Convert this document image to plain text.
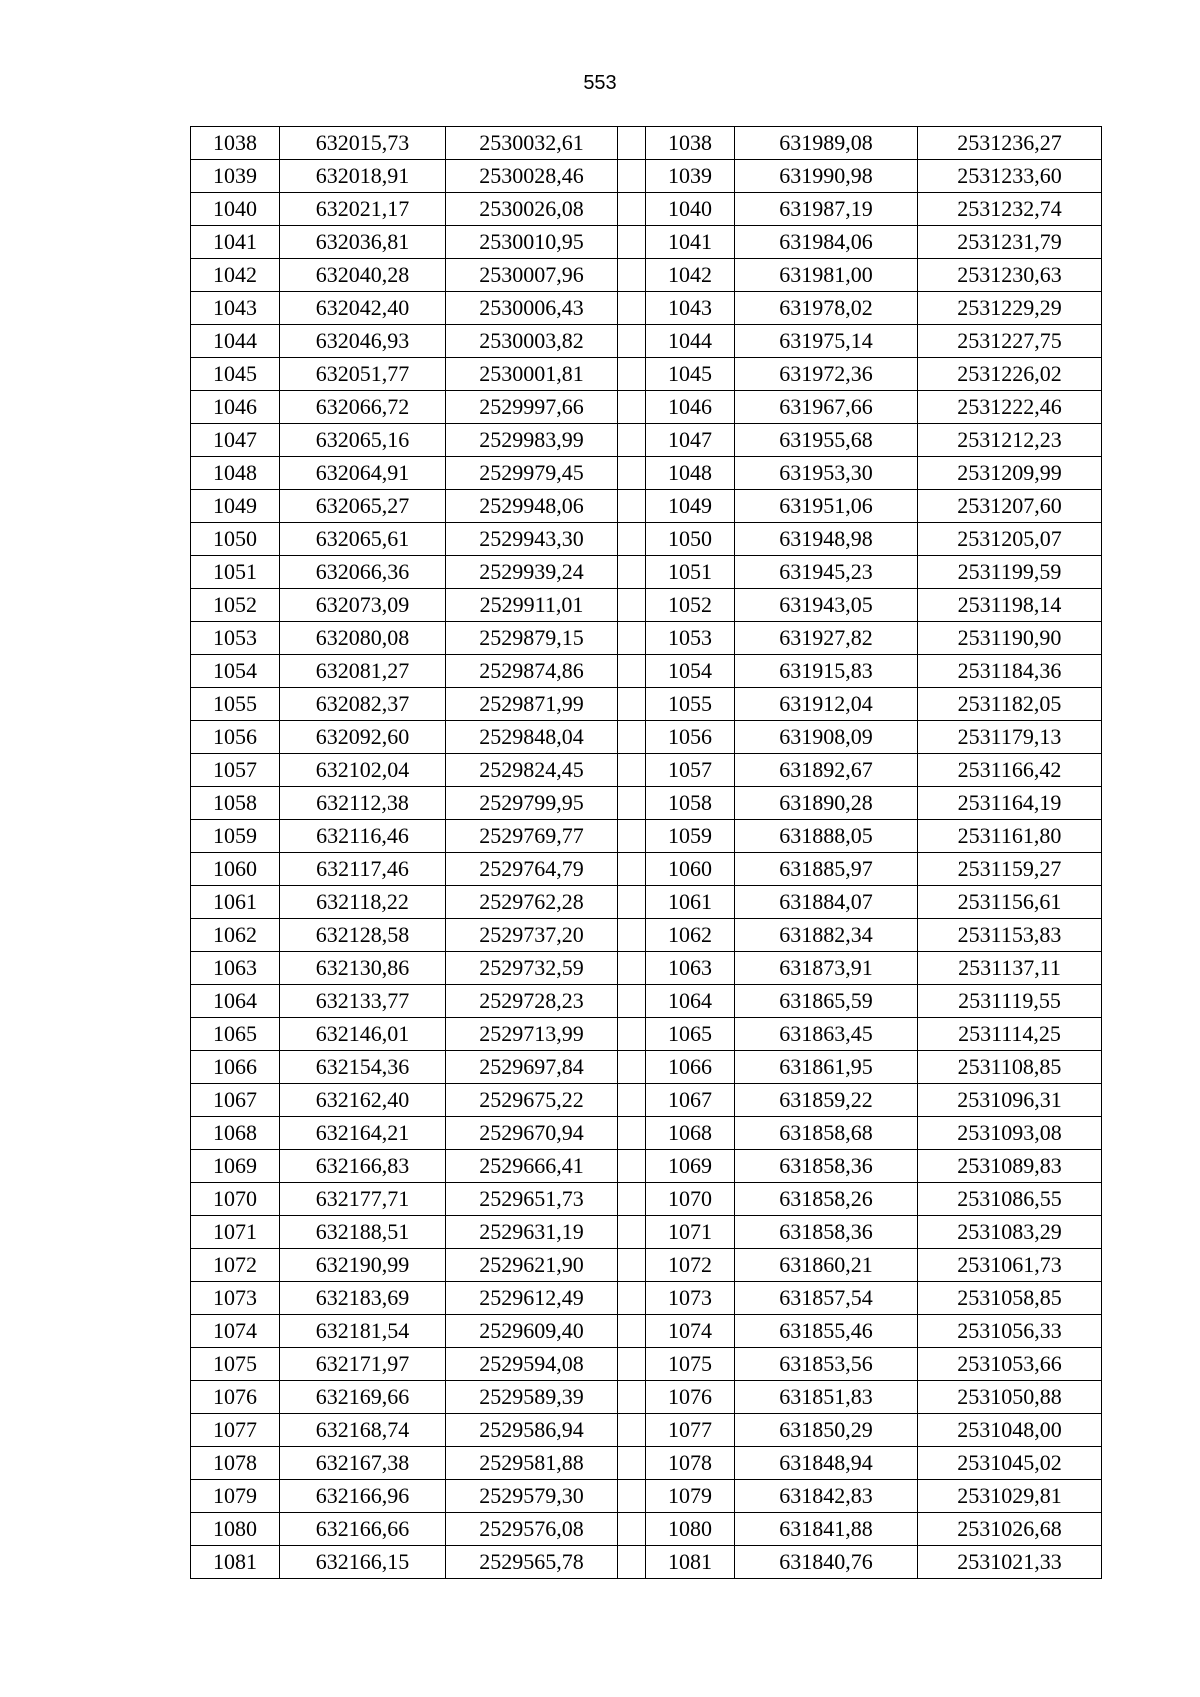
553
1038	632015,73	2530032,61		1038	631989,08	2531236,27
1039	632018,91	2530028,46		1039	631990,98	2531233,60
1040	632021,17	2530026,08		1040	631987,19	2531232,74
1041	632036,81	2530010,95		1041	631984,06	2531231,79
1042	632040,28	2530007,96		1042	631981,00	2531230,63
1043	632042,40	2530006,43		1043	631978,02	2531229,29
1044	632046,93	2530003,82		1044	631975,14	2531227,75
1045	632051,77	2530001,81		1045	631972,36	2531226,02
1046	632066,72	2529997,66		1046	631967,66	2531222,46
1047	632065,16	2529983,99		1047	631955,68	2531212,23
1048	632064,91	2529979,45		1048	631953,30	2531209,99
1049	632065,27	2529948,06		1049	631951,06	2531207,60
1050	632065,61	2529943,30		1050	631948,98	2531205,07
1051	632066,36	2529939,24		1051	631945,23	2531199,59
1052	632073,09	2529911,01		1052	631943,05	2531198,14
1053	632080,08	2529879,15		1053	631927,82	2531190,90
1054	632081,27	2529874,86		1054	631915,83	2531184,36
1055	632082,37	2529871,99		1055	631912,04	2531182,05
1056	632092,60	2529848,04		1056	631908,09	2531179,13
1057	632102,04	2529824,45		1057	631892,67	2531166,42
1058	632112,38	2529799,95		1058	631890,28	2531164,19
1059	632116,46	2529769,77		1059	631888,05	2531161,80
1060	632117,46	2529764,79		1060	631885,97	2531159,27
1061	632118,22	2529762,28		1061	631884,07	2531156,61
1062	632128,58	2529737,20		1062	631882,34	2531153,83
1063	632130,86	2529732,59		1063	631873,91	2531137,11
1064	632133,77	2529728,23		1064	631865,59	2531119,55
1065	632146,01	2529713,99		1065	631863,45	2531114,25
1066	632154,36	2529697,84		1066	631861,95	2531108,85
1067	632162,40	2529675,22		1067	631859,22	2531096,31
1068	632164,21	2529670,94		1068	631858,68	2531093,08
1069	632166,83	2529666,41		1069	631858,36	2531089,83
1070	632177,71	2529651,73		1070	631858,26	2531086,55
1071	632188,51	2529631,19		1071	631858,36	2531083,29
1072	632190,99	2529621,90		1072	631860,21	2531061,73
1073	632183,69	2529612,49		1073	631857,54	2531058,85
1074	632181,54	2529609,40		1074	631855,46	2531056,33
1075	632171,97	2529594,08		1075	631853,56	2531053,66
1076	632169,66	2529589,39		1076	631851,83	2531050,88
1077	632168,74	2529586,94		1077	631850,29	2531048,00
1078	632167,38	2529581,88		1078	631848,94	2531045,02
1079	632166,96	2529579,30		1079	631842,83	2531029,81
1080	632166,66	2529576,08		1080	631841,88	2531026,68
1081	632166,15	2529565,78		1081	631840,76	2531021,33
